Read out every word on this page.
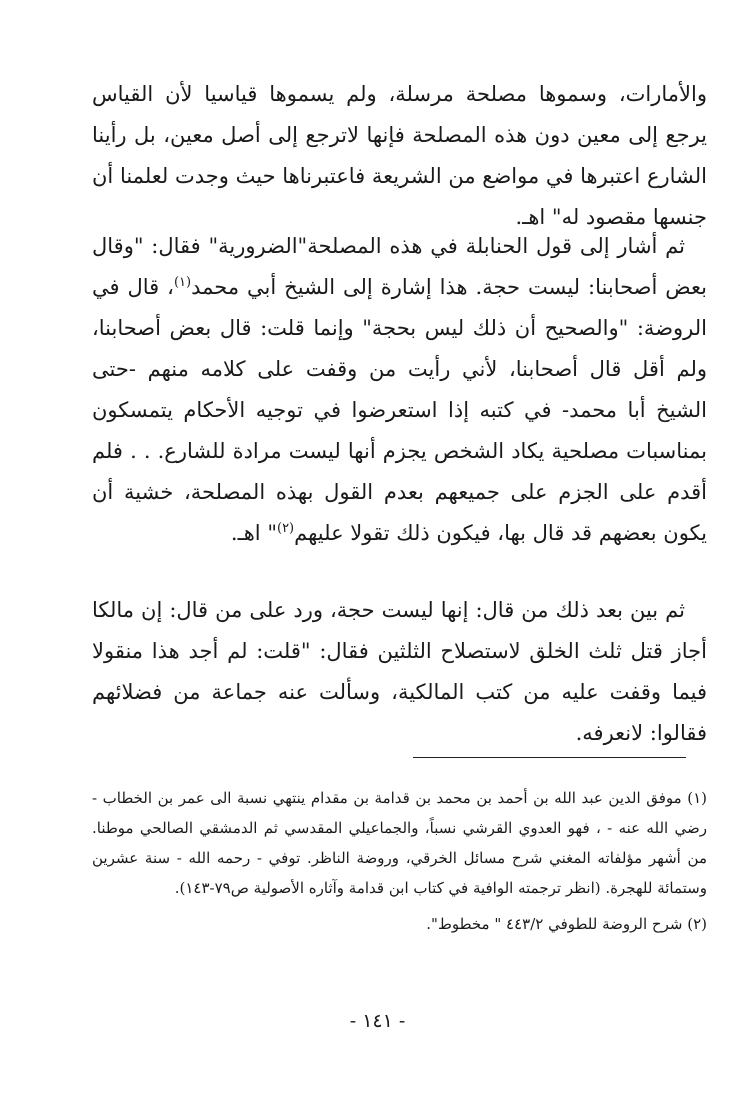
والأمارات، وسموها مصلحة مرسلة، ولم يسموها قياسيا لأن القياس يرجع إلى معين دون هذه المصلحة فإنها لاترجع إلى أصل معين، بل رأينا الشارع اعتبرها في مواضع من الشريعة فاعتبرناها حيث وجدت لعلمنا أن جنسها مقصود له" اهـ.

ثم أشار إلى قول الحنابلة في هذه المصلحة"الضرورية" فقال: "وقال بعض أصحابنا: ليست حجة. هذا إشارة إلى الشيخ أبي محمد$^{(١)}$، قال في الروضة: "والصحيح أن ذلك ليس بحجة" وإنما قلت: قال بعض أصحابنا، ولم أقل قال أصحابنا، لأني رأيت من وقفت على كلامه منهم -حتى الشيخ أبا محمد- في كتبه إذا استعرضوا في توجيه الأحكام يتمسكون بمناسبات مصلحية يكاد الشخص يجزم أنها ليست مرادة للشارع. . . فلم أقدم على الجزم على جميعهم بعدم القول بهذه المصلحة، خشية أن يكون بعضهم قد قال بها، فيكون ذلك تقولا عليهم$^{(٢)}$" اهـ.

ثم بين بعد ذلك من قال: إنها ليست حجة، ورد على من قال: إن مالكا أجاز قتل ثلث الخلق لاستصلاح الثلثين فقال: "قلت: لم أجد هذا منقولا فيما وقفت عليه من كتب المالكية، وسألت عنه جماعة من فضلائهم فقالوا: لانعرفه.

(١) موفق الدين عبد الله بن أحمد بن محمد بن قدامة بن مقدام ينتهي نسبة الى عمر بن الخطاب - رضي الله عنه - ، فهو العدوي القرشي نسباً، والجماعيلي المقدسي ثم الدمشقي الصالحي موطنا. من أشهر مؤلفاته المغني شرح مسائل الخرقي، وروضة الناظر. توفي - رحمه الله - سنة عشرين وستمائة للهجرة. (انظر ترجمته الوافية في كتاب ابن قدامة وآثاره الأصولية ص٧٩-١٤٣).

(٢) شرح الروضة للطوفي ٤٤٣/٢ " مخطوط".

- ١٤١ -
